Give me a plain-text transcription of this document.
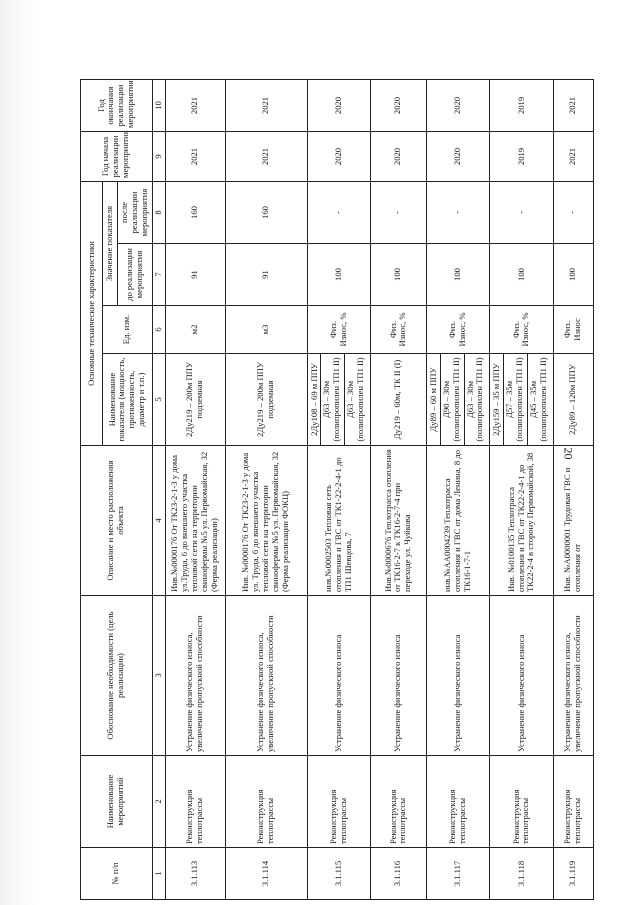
20
№ п/п	Наименование мероприятий	Обоснование необходимости (цель реализации)	Описание и место расположения объекта	Основные технические характеристики				Год начала реализации мероприятия	Год окончания реализации мероприятия
				Наименование показателя (мощность, протяженность, диаметр и т.п.)	Ед. изм.	Значение показателя			
						до реализации мероприятия	после реализации мероприятия		
1	2	3	4	5	6	7	8	9	10
3.1.113	Реконструкция теплотрассы	Устранение физического износа, увеличение пропускной способности	Инв.№0000176 От ТК23-2-1-3 у дома ул.Труда, 6 до внешнего участка тепловой сети на территории свинофермы №5 ул. Первомайская, 32 (Ферма реализации)	2Ду219 – 200м ППУ подземная	м2	91	160	2021	2021
3.1.114	Реконструкция теплотрассы	Устранение физического износа, увеличение пропускной способности	Инв. №0000176 От ТК23-2-1-3 у дома ул. Труда, 6 до внешнего участка тепловой сети на территории свинофермы №5 ул. Первомайская, 32 (Ферма реализации ФОКЦ)	2Ду219 – 200м ППУ подземная	м3	91	160	2021	2021
3.1.115	Реконструкция теплотрассы	Устранение физического износа	инв.№0002503 Тепловая сеть отопления и ГВС от ТК1-22-2-4-1 до ТП1 Шевцова, 7	2Ду108 – 69 м ППУ Д63 – 30м (полипропилен ТП1 II) Д63 – 30м (полипропилен ТП1 II)	Физ. Износ, %	100	-	2020	2020
3.1.116	Реконструкция теплотрассы	Устранение физического износа	Инв.№0000676 Теплотрасса отопления от ТК16-2-7 к ТК16-2-7-4 при переходе ул. Чуйкова	Ду219 – 60м, ТК II (I)	Физ. Износ, %	100	-	2020	2020
3.1.117	Реконструкция теплотрассы	Устранение физического износа	инв.№АА0004239 Теплотрасса отопления и ГВС от дома Ленина, 8 до ТК16-1-7-1	Ду89 – 60 м ППУ Д90 – 30м (полипропилен ТП1 II) Д63 – 30м (полипропилен ТП1 II)	Физ. Износ, %	100	-	2020	2020
3.1.118	Реконструкция теплотрассы	Устранение физического износа	Инв. №0100135 Теплотрасса отопления и ГВС от ТК22-2-4-1 до ТК22-2-4 в сторону Первомайской, 38	2Ду159 – 35 м ППУ Д57 – 35м (полипропилен ТП1 II) Д45 – 35м (полипропилен ТП1 II)	Физ. Износ, %	100	-	2019	2019
3.1.119	Реконструкция теплотрассы	Устранение физического износа, увеличение пропускной способности	Инв. №А0000001 Трудовая ГВС и отопления от	2Ду89 – 120м ППУ	Физ. Износ	100	-	2021	2021
